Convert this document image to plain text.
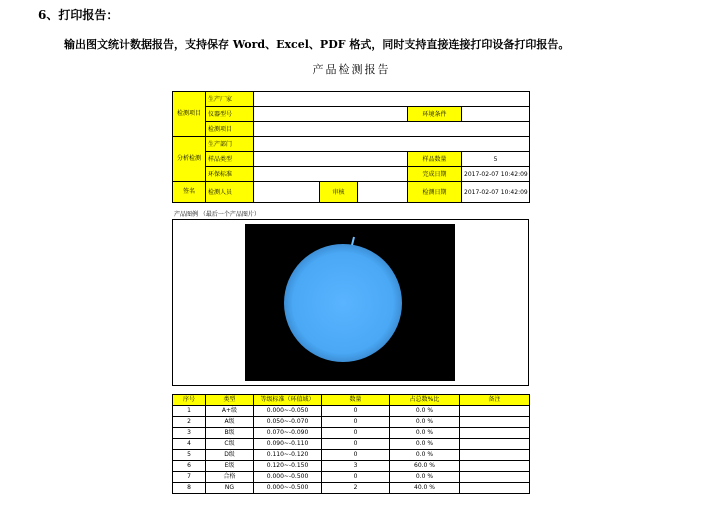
6、打印报告：
输出图文统计数据报告，支持保存 Word、Excel、PDF 格式，同时支持直接连接打印设备打印报告。
产品检测报告
检测项目	生产厂家					
	仪器型号				环境条件	
	检测项目					
分析检测	生产部门					
	样品类型				样品数量	5
	环保标准				完成日期	2017-02-07 10:42:09
签名	检测人员		审核		检测日期	2017-02-07 10:42:09
产品图例 （最后一个产品图片）
序号	类型	等级标准（环值域）	数量	占总数%比	备注
1	A+级	0.000~-0.050	0	0.0 %	
2	A级	0.050~-0.070	0	0.0 %	
3	B级	0.070~-0.090	0	0.0 %	
4	C级	0.090~-0.110	0	0.0 %	
5	D级	0.110~-0.120	0	0.0 %	
6	E级	0.120~-0.150	3	60.0 %	
7	合格	0.000~-0.500	0	0.0 %	
8	NG	0.000~-0.500	2	40.0 %	
